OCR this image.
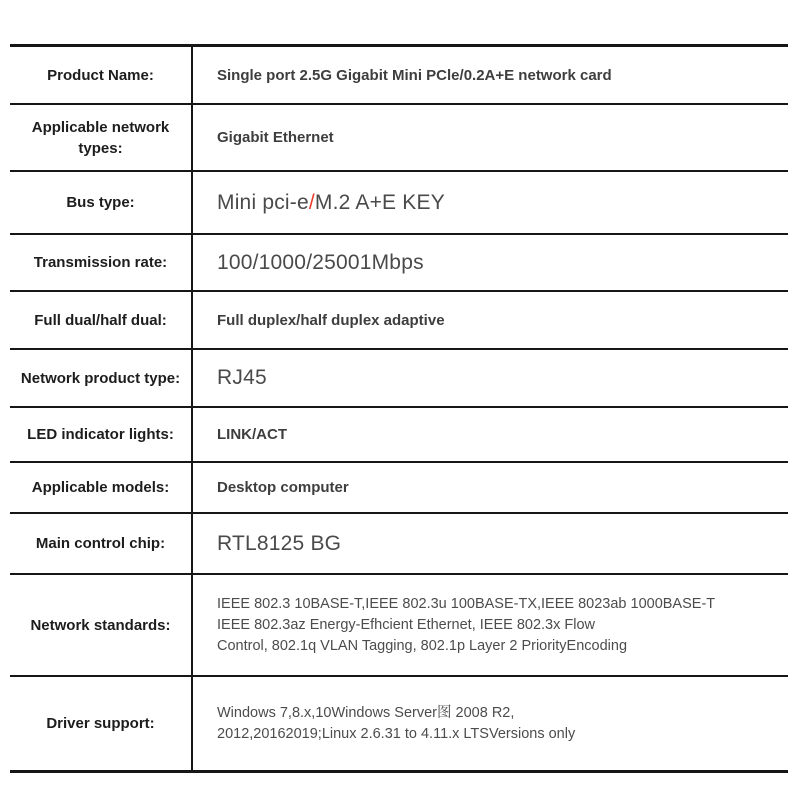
Product Name:	Single port 2.5G Gigabit Mini PCle/0.2A+E network card
Applicable network types:
Gigabit Ethernet
Bus type:	Mini pci-e / M.2 A+E KEY
Transmission rate:	100/1000/25001Mbps
Full dual/half dual:	Full duplex/half duplex adaptive
Network product type:	RJ45
LED indicator lights:	LINK/ACT
Applicable models:	Desktop computer
Main control chip:	RTL8125 BG
Network standards:
IEEE 802.3 10BASE-T,IEEE 802.3u 100BASE-TX,IEEE 8023ab 1000BASE-T
IEEE 802.3az Energy-Efhcient Ethernet, IEEE 802.3x Flow
Control, 802.1q VLAN Tagging, 802.1p Layer 2 PriorityEncoding
Driver support:
Windows 7,8.x,10Windows Server图 2008 R2,
2012,20162019;Linux 2.6.31 to 4.11.x LTSVersions only
